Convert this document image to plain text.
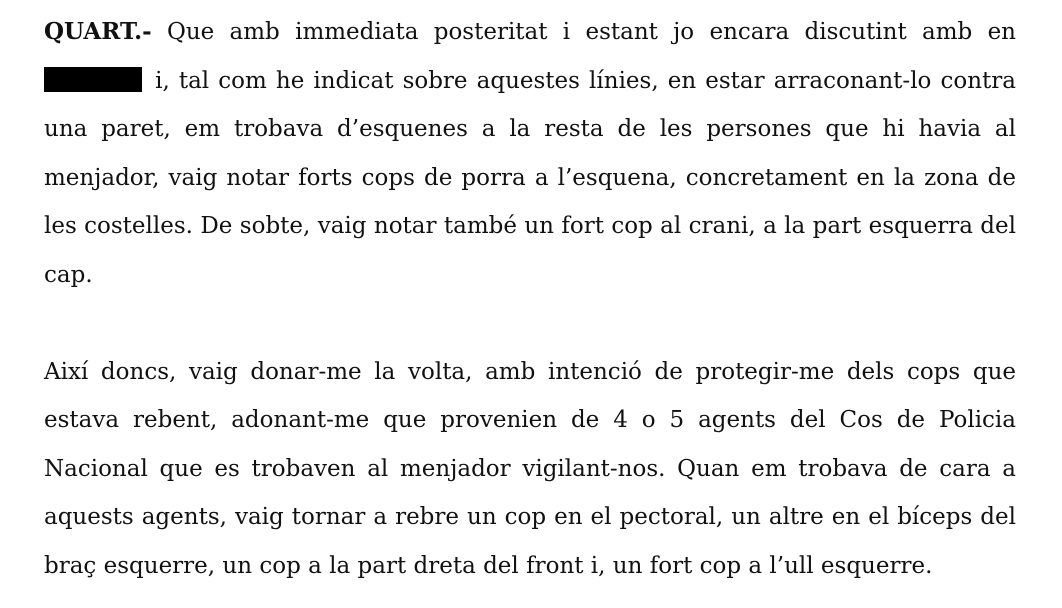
QUART.- Que amb immediata posteritat i estant jo encara discutint amb en  i, tal com he indicat sobre aquestes línies, en estar arraconant-lo contra una paret, em trobava d’esquenes a la resta de les persones que hi havia al menjador, vaig notar forts cops de porra a l’esquena, concretament en la zona de les costelles. De sobte, vaig notar també un fort cop al crani, a la part esquerra del cap.

Així doncs, vaig donar-me la volta, amb intenció de protegir-me dels cops que estava rebent, adonant-me que provenien de 4 o 5 agents del Cos de Policia Nacional que es trobaven al menjador vigilant-nos. Quan em trobava de cara a aquests agents, vaig tornar a rebre un cop en el pectoral, un altre en el bíceps del braç esquerre, un cop a la part dreta del front i, un fort cop a l’ull esquerre.
